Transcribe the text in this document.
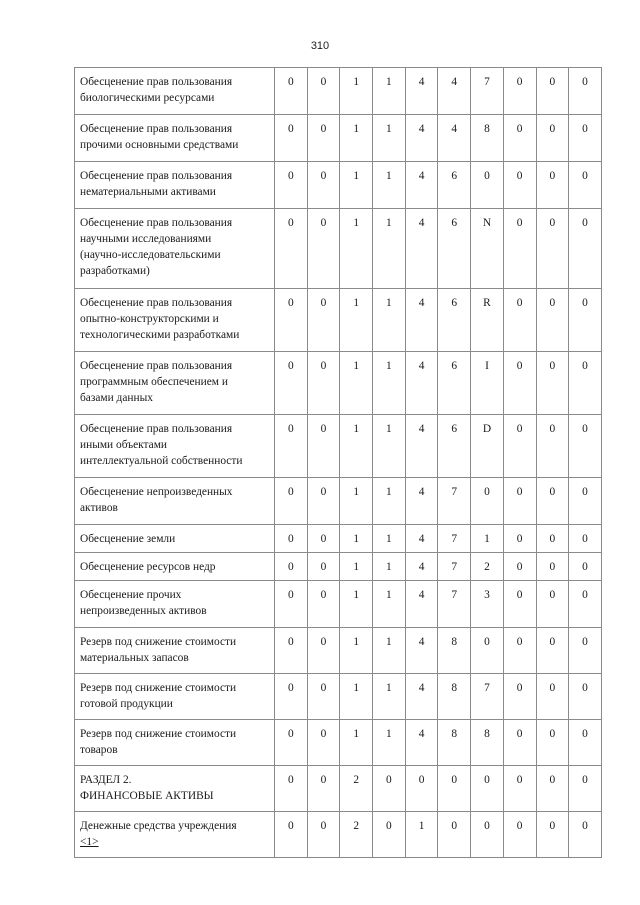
310
Обесценение прав пользования
биологическими ресурсами	0	0	1	1	4	4	7	0	0	0
Обесценение прав пользования
прочими основными средствами	0	0	1	1	4	4	8	0	0	0
Обесценение прав пользования
нематериальными активами	0	0	1	1	4	6	0	0	0	0
Обесценение прав пользования
научными исследованиями
(научно-исследовательскими
разработками)	0	0	1	1	4	6	N	0	0	0
Обесценение прав пользования
опытно-конструкторскими и
технологическими разработками	0	0	1	1	4	6	R	0	0	0
Обесценение прав пользования
программным обеспечением и
базами данных	0	0	1	1	4	6	I	0	0	0
Обесценение прав пользования
иными объектами
интеллектуальной собственности	0	0	1	1	4	6	D	0	0	0
Обесценение непроизведенных
активов	0	0	1	1	4	7	0	0	0	0
Обесценение земли	0	0	1	1	4	7	1	0	0	0
Обесценение ресурсов недр	0	0	1	1	4	7	2	0	0	0
Обесценение прочих
непроизведенных активов	0	0	1	1	4	7	3	0	0	0
Резерв под снижение стоимости
материальных запасов	0	0	1	1	4	8	0	0	0	0
Резерв под снижение стоимости
готовой продукции	0	0	1	1	4	8	7	0	0	0
Резерв под снижение стоимости
товаров	0	0	1	1	4	8	8	0	0	0
РАЗДЕЛ 2.
ФИНАНСОВЫЕ АКТИВЫ	0	0	2	0	0	0	0	0	0	0
Денежные средства учреждения
<1>	0	0	2	0	1	0	0	0	0	0
